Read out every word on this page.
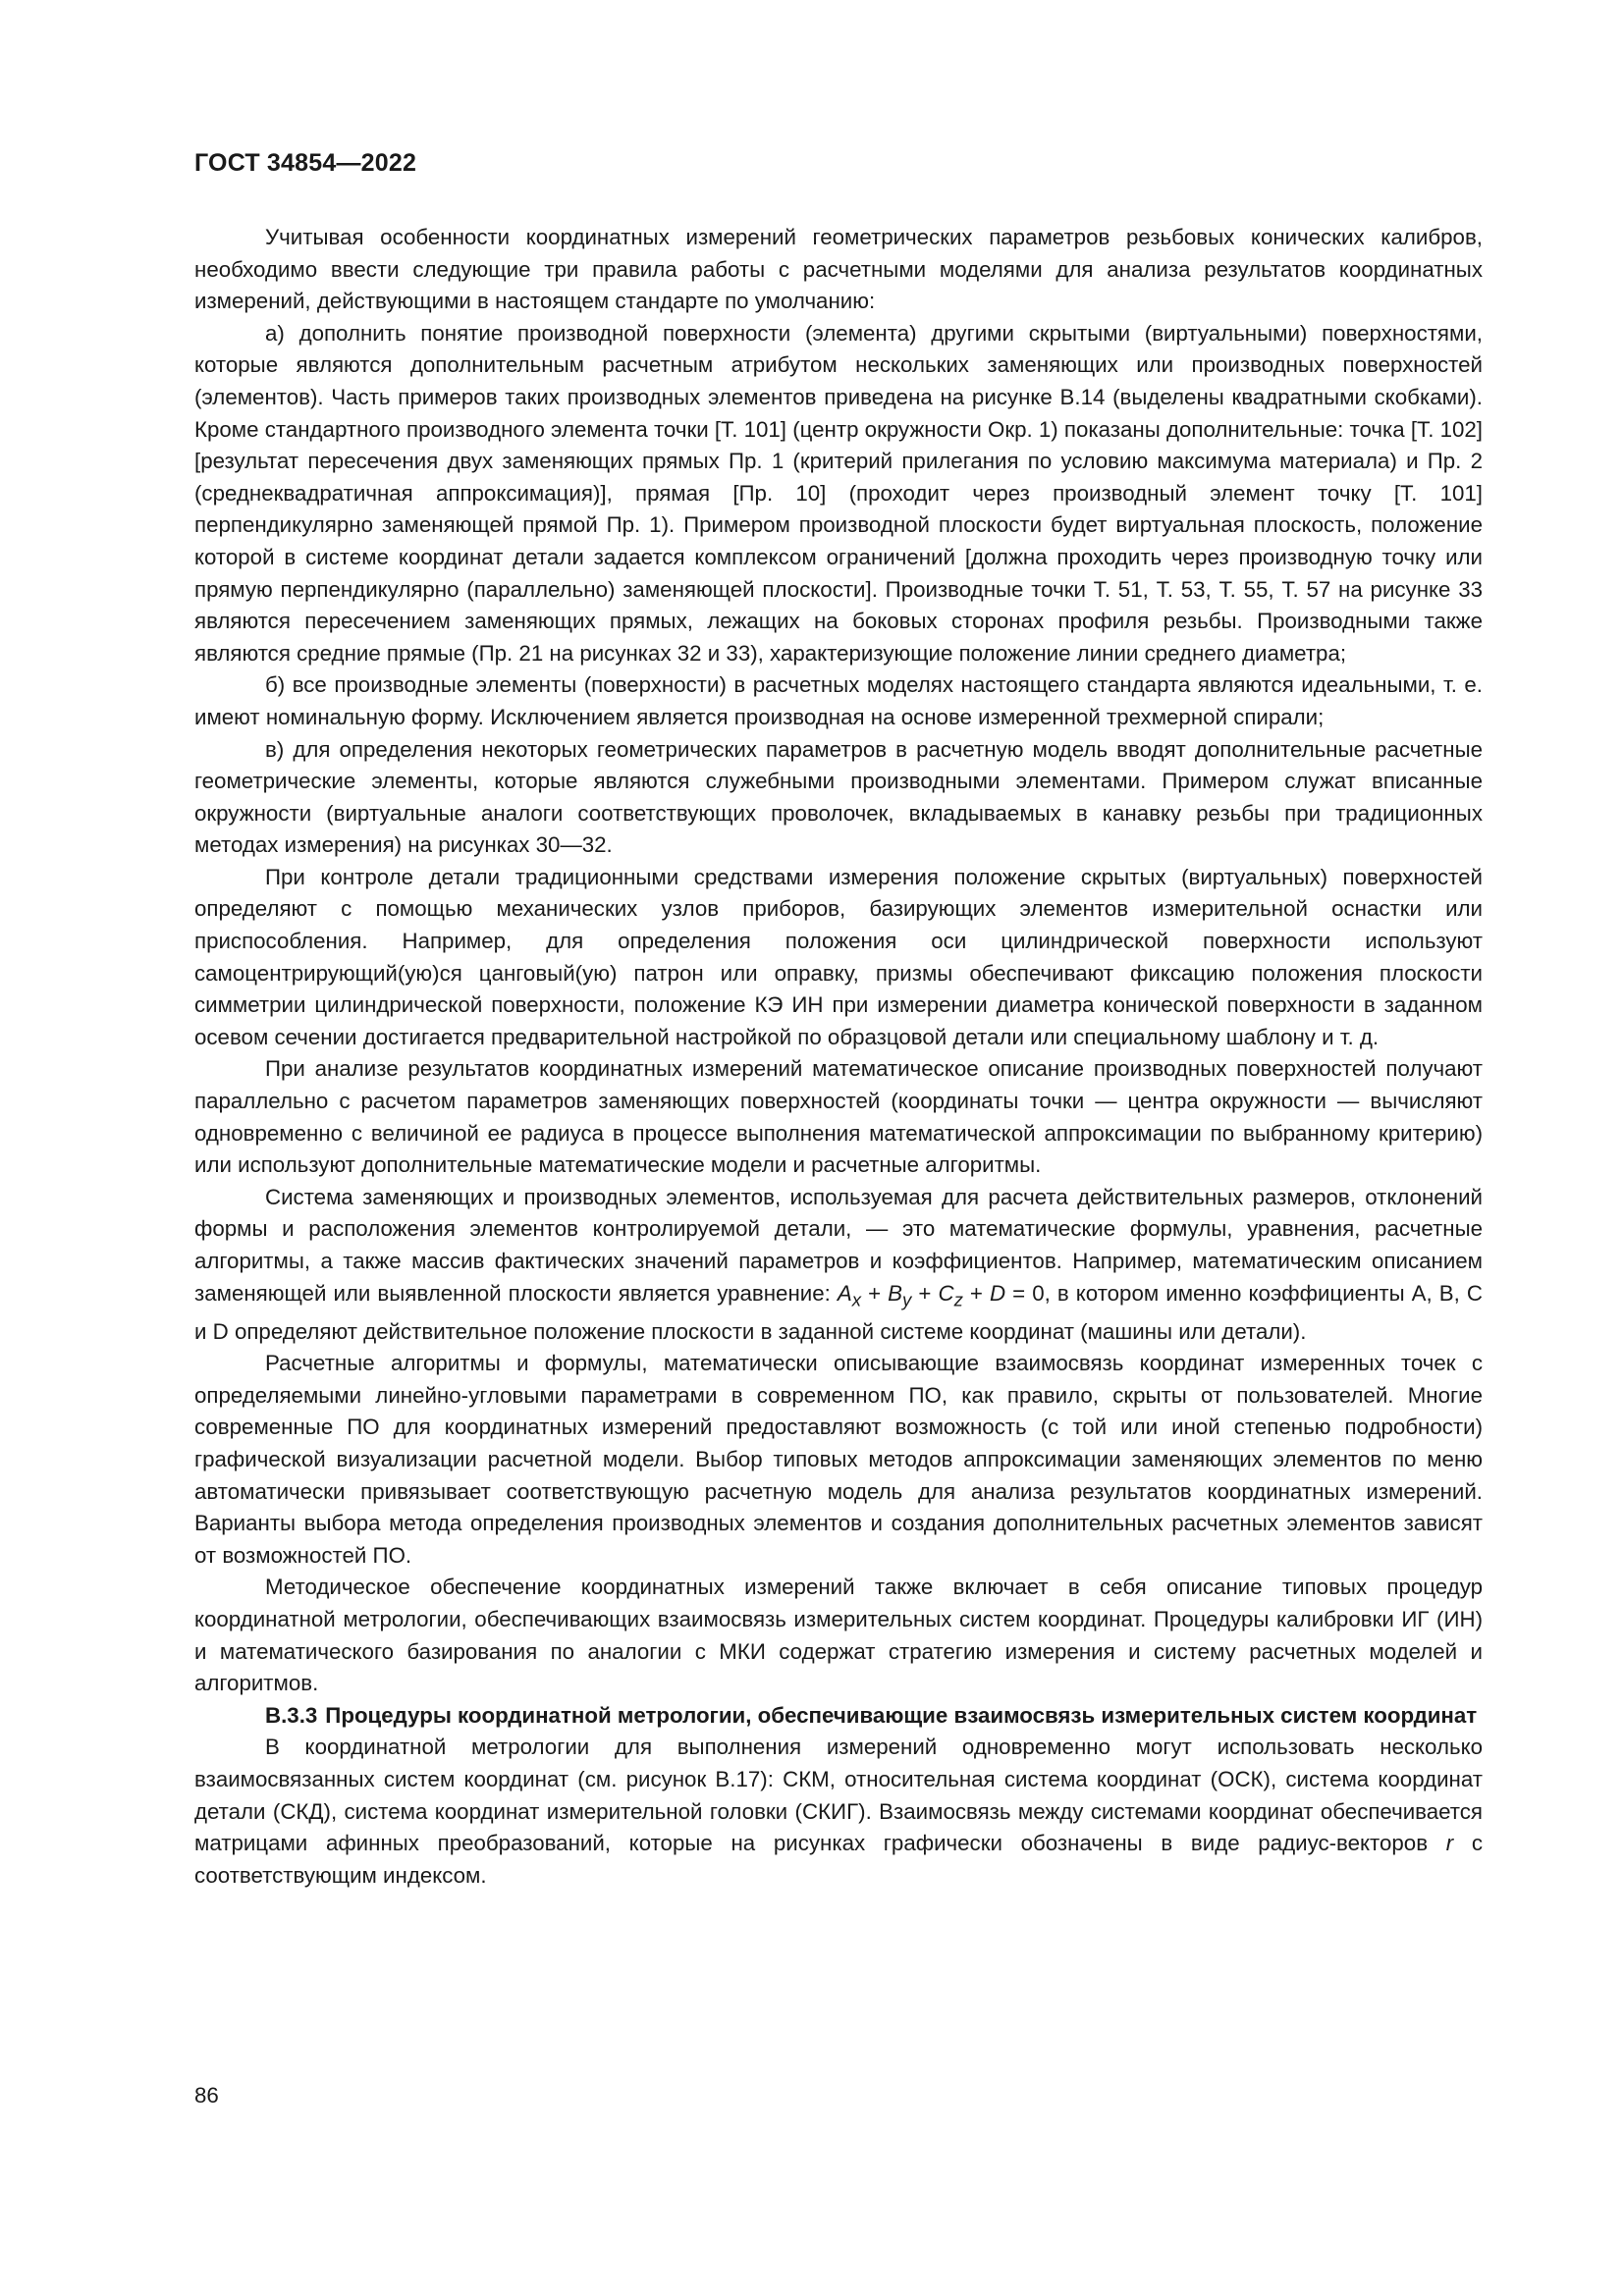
ГОСТ 34854—2022

Учитывая особенности координатных измерений геометрических параметров резьбовых конических калибров, необходимо ввести следующие три правила работы с расчетными моделями для анализа результатов координатных измерений, действующими в настоящем стандарте по умолчанию:

а) дополнить понятие производной поверхности (элемента) другими скрытыми (виртуальными) поверхностями, которые являются дополнительным расчетным атрибутом нескольких заменяющих или производных поверхностей (элементов). Часть примеров таких производных элементов приведена на рисунке В.14 (выделены квадратными скобками). Кроме стандартного производного элемента точки [Т. 101] (центр окружности Окр. 1) показаны дополнительные: точка [Т. 102] [результат пересечения двух заменяющих прямых Пр. 1 (критерий прилегания по условию максимума материала) и Пр. 2 (среднеквадратичная аппроксимация)], прямая [Пр. 10] (проходит через производный элемент точку [Т. 101] перпендикулярно заменяющей прямой Пр. 1). Примером производной плоскости будет виртуальная плоскость, положение которой в системе координат детали задается комплексом ограничений [должна проходить через производную точку или прямую перпендикулярно (параллельно) заменяющей плоскости]. Производные точки Т. 51, Т. 53, Т. 55, Т. 57 на рисунке 33 являются пересечением заменяющих прямых, лежащих на боковых сторонах профиля резьбы. Производными также являются средние прямые (Пр. 21 на рисунках 32 и 33), характеризующие положение линии среднего диаметра;

б) все производные элементы (поверхности) в расчетных моделях настоящего стандарта являются идеальными, т. е. имеют номинальную форму. Исключением является производная на основе измеренной трехмерной спирали;

в) для определения некоторых геометрических параметров в расчетную модель вводят дополнительные расчетные геометрические элементы, которые являются служебными производными элементами. Примером служат вписанные окружности (виртуальные аналоги соответствующих проволочек, вкладываемых в канавку резьбы при традиционных методах измерения) на рисунках 30—32.

При контроле детали традиционными средствами измерения положение скрытых (виртуальных) поверхностей определяют с помощью механических узлов приборов, базирующих элементов измерительной оснастки или приспособления. Например, для определения положения оси цилиндрической поверхности используют самоцентрирующий(ую)ся цанговый(ую) патрон или оправку, призмы обеспечивают фиксацию положения плоскости симметрии цилиндрической поверхности, положение КЭ ИН при измерении диаметра конической поверхности в заданном осевом сечении достигается предварительной настройкой по образцовой детали или специальному шаблону и т. д.

При анализе результатов координатных измерений математическое описание производных поверхностей получают параллельно с расчетом параметров заменяющих поверхностей (координаты точки — центра окружности — вычисляют одновременно с величиной ее радиуса в процессе выполнения математической аппроксимации по выбранному критерию) или используют дополнительные математические модели и расчетные алгоритмы.

Система заменяющих и производных элементов, используемая для расчета действительных размеров, отклонений формы и расположения элементов контролируемой детали, — это математические формулы, уравнения, расчетные алгоритмы, а также массив фактических значений параметров и коэффициентов. Например, математическим описанием заменяющей или выявленной плоскости является уравнение: $A_x + B_y + C_z + D = 0$, в котором именно коэффициенты А, В, С и D определяют действительное положение плоскости в заданной системе координат (машины или детали).

Расчетные алгоритмы и формулы, математически описывающие взаимосвязь координат измеренных точек с определяемыми линейно-угловыми параметрами в современном ПО, как правило, скрыты от пользователей. Многие современные ПО для координатных измерений предоставляют возможность (с той или иной степенью подробности) графической визуализации расчетной модели. Выбор типовых методов аппроксимации заменяющих элементов по меню автоматически привязывает соответствующую расчетную модель для анализа результатов координатных измерений. Варианты выбора метода определения производных элементов и создания дополнительных расчетных элементов зависят от возможностей ПО.

Методическое обеспечение координатных измерений также включает в себя описание типовых процедур координатной метрологии, обеспечивающих взаимосвязь измерительных систем координат. Процедуры калибровки ИГ (ИН) и математического базирования по аналогии с МКИ содержат стратегию измерения и систему расчетных моделей и алгоритмов.

В.3.3 Процедуры координатной метрологии, обеспечивающие взаимосвязь измерительных систем координат

В координатной метрологии для выполнения измерений одновременно могут использовать несколько взаимосвязанных систем координат (см. рисунок В.17): СКМ, относительная система координат (ОСК), система координат детали (СКД), система координат измерительной головки (СКИГ). Взаимосвязь между системами координат обеспечивается матрицами афинных преобразований, которые на рисунках графически обозначены в виде радиус-векторов r с соответствующим индексом.

86
